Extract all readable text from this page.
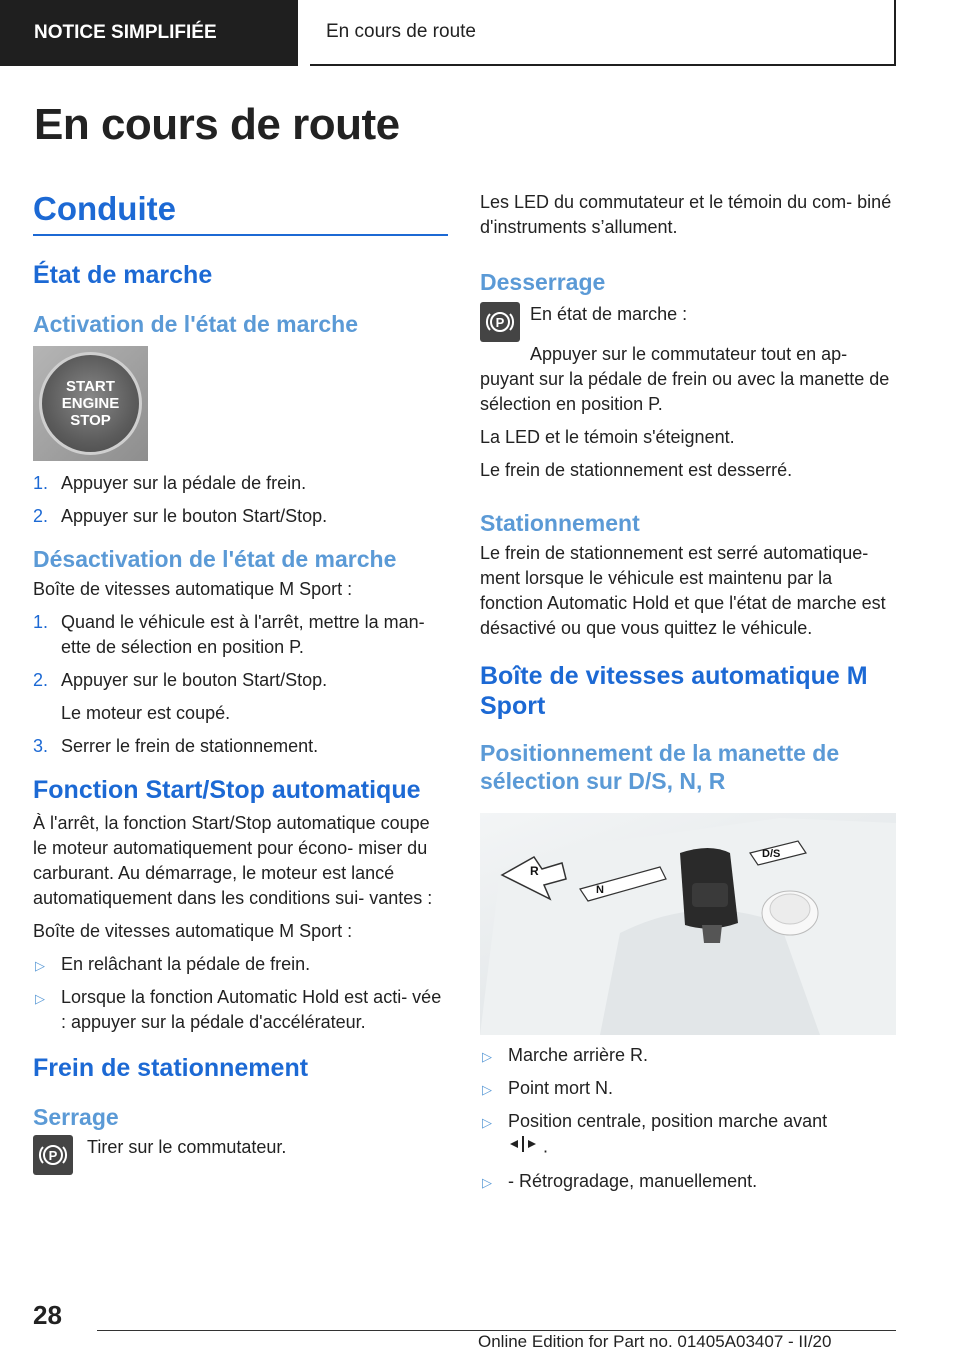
NOTICE SIMPLIFIÉE	En cours de route
En cours de route
Conduite
État de marche
Activation de l'état de marche
START
ENGINE
STOP
1. Appuyer sur la pédale de frein.
2. Appuyer sur le bouton Start/Stop.
Désactivation de l'état de marche
Boîte de vitesses automatique M Sport :
1. Quand le véhicule est à l'arrêt, mettre la man‐ ette de sélection en position P.
2. Appuyer sur le bouton Start/Stop.
Le moteur est coupé.
3. Serrer le frein de stationnement.
Fonction Start/Stop automatique
À l'arrêt, la fonction Start/Stop automatique coupe le moteur automatiquement pour écono‐ miser du carburant. Au démarrage, le moteur est lancé automatiquement dans les conditions sui‐ vantes :
Boîte de vitesses automatique M Sport :
▷ En relâchant la pédale de frein.
▷ Lorsque la fonction Automatic Hold est acti‐ vée : appuyer sur la pédale d'accélérateur.
Frein de stationnement
Serrage
P Tirer sur le commutateur.
Les LED du commutateur et le témoin du com‐ biné d'instruments s’allument.
Desserrage
P En état de marche :
Appuyer sur le commutateur tout en ap‐ puyant sur la pédale de frein ou avec la manette de sélection en position P.
La LED et le témoin s'éteignent.
Le frein de stationnement est desserré.
Stationnement
Le frein de stationnement est serré automatique‐ ment lorsque le véhicule est maintenu par la fonction Automatic Hold et que l'état de marche est désactivé ou que vous quittez le véhicule.
Boîte de vitesses automatique M Sport
Positionnement de la manette de sélection sur D/S, N, R
R
N
D/S
▷ Marche arrière R.
▷ Point mort N.
▷ Position centrale, position marche avant
.
▷ - Rétrogradage, manuellement.
28
Online Edition for Part no. 01405A03407 - II/20
